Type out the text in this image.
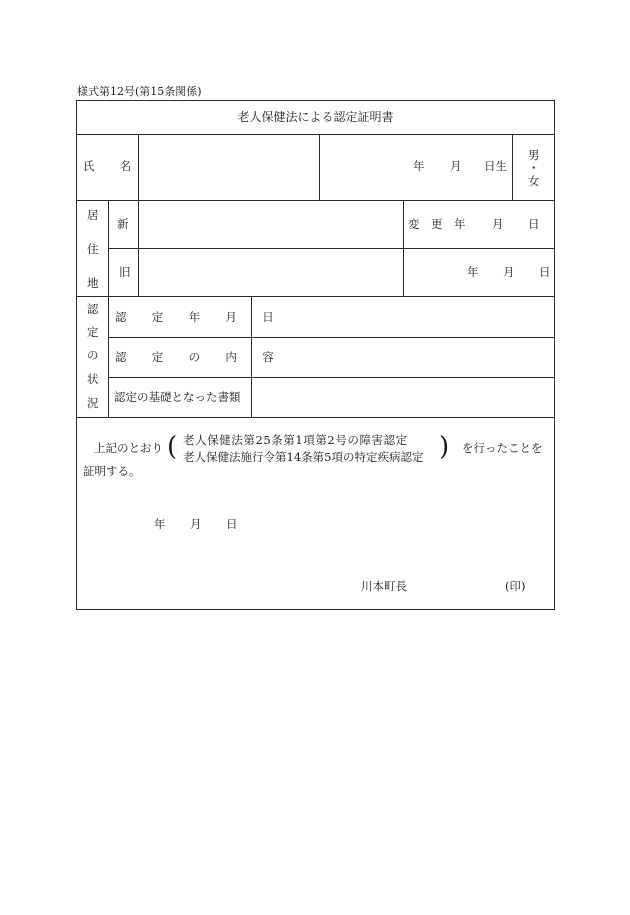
様式第12号(第15条関係)
老人保健法による認定証明書
氏　名	年 月 日生
男
・
女
居
住
地
新
旧
変　更　年 月 日
年 月 日
認
定
の
状
況
認　定　年　月　日
認　定　の　内　容
認定の基礎となった書類
上記のとおり ( 老人保健法第25条第1項第2号の障害認定
老人保健法施行令第14条第5項の特定疾病認定 ) を行ったことを
証明する。
年 月 日
川本町長	(印)
